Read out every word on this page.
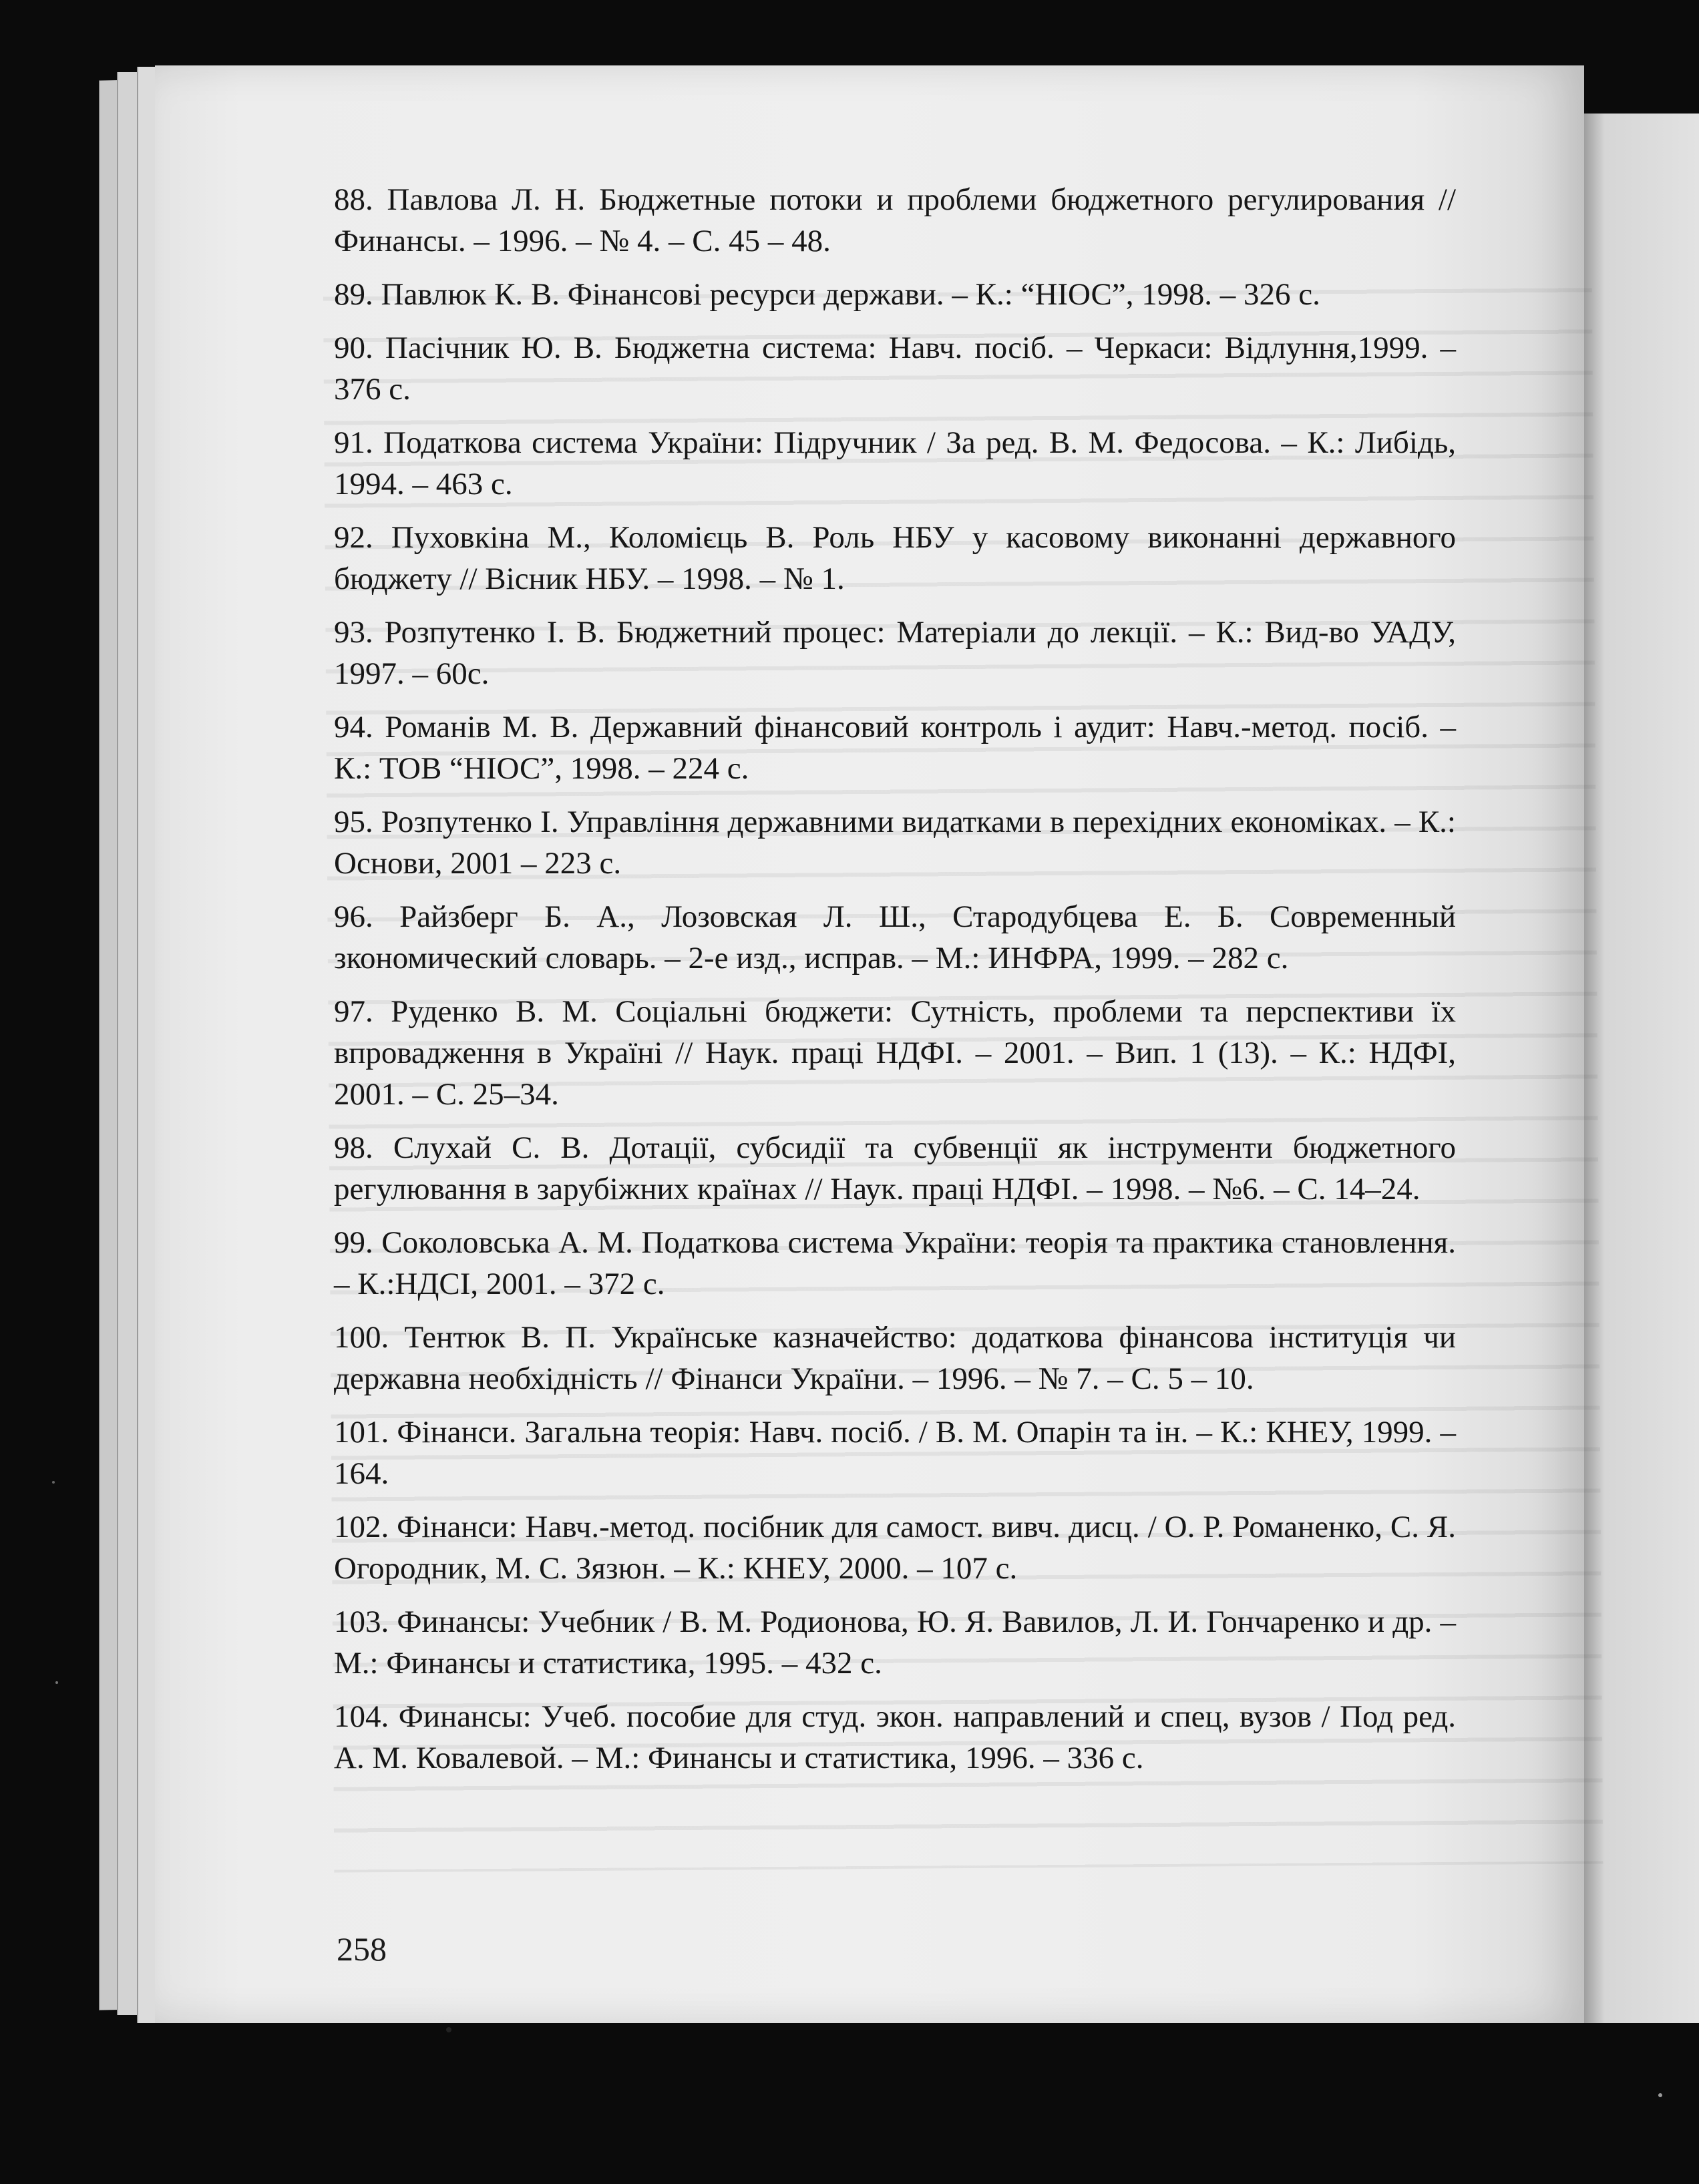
88. Павлова Л. Н. Бюджетные потоки и проблеми бюджетного регулирования // Финансы. – 1996. – № 4. – С. 45 – 48.

89. Павлюк К. В. Фінансові ресурси держави. – К.: “НІОС”, 1998. – 326 с.

90. Пасічник Ю. В. Бюджетна система: Навч. посіб. – Черкаси: Відлуння,1999. – 376 с.

91. Податкова система України: Підручник / За ред. В. М. Федосова. – К.: Либідь, 1994. – 463 с.

92. Пуховкіна М., Коломієць В. Роль НБУ у касовому виконанні державного бюджету // Вісник НБУ. – 1998. – № 1.

93. Розпутенко І. В. Бюджетний процес: Матеріали до лекції. – К.: Вид-во УАДУ, 1997. – 60с.

94. Романів М. В. Державний фінансовий контроль і аудит: Навч.-метод. посіб. – К.: ТОВ “НІОС”, 1998. – 224 с.

95. Розпутенко І. Управління державними видатками в перехідних економіках. – К.: Основи, 2001 – 223 с.

96. Райзберг Б. А., Лозовская Л. Ш., Стародубцева Е. Б. Современный зкономический словарь. – 2-е изд., исправ. – М.: ИНФРА, 1999. – 282 с.

97. Руденко В. М. Соціальні бюджети: Сутність, проблеми та перспективи їх впровадження в Україні // Наук. праці НДФІ. – 2001. – Вип. 1 (13). – К.: НДФІ, 2001. – С. 25–34.

98. Слухай С. В. Дотації, субсидії та субвенції як інструменти бюджетного регулювання в зарубіжних країнах // Наук. праці НДФІ. – 1998. – №6. – С. 14–24.

99. Соколовська А. М. Податкова система України: теорія та практика становлення. – К.:НДСІ, 2001. – 372 с.

100. Тентюк В. П. Українське казначейство: додаткова фінансова інституція чи державна необхідність // Фінанси України. – 1996. – № 7. – С. 5 – 10.

101. Фінанси. Загальна теорія: Навч. посіб. / В. М. Опарін та ін. – К.: КНЕУ, 1999. – 164.

102. Фінанси: Навч.-метод. посібник для самост. вивч. дисц. / О. Р. Романенко, С. Я. Огородник, М. С. Зязюн. – К.: КНЕУ, 2000. – 107 с.

103. Финансы: Учебник / В. М. Родионова, Ю. Я. Вавилов, Л. И. Гончаренко и др. – М.: Финансы и статистика, 1995. – 432 с.

104. Финансы: Учеб. пособие для студ. экон. направлений и спец, вузов / Под ред. А. М. Ковалевой. – М.: Финансы и статистика, 1996. – 336 с.

258
